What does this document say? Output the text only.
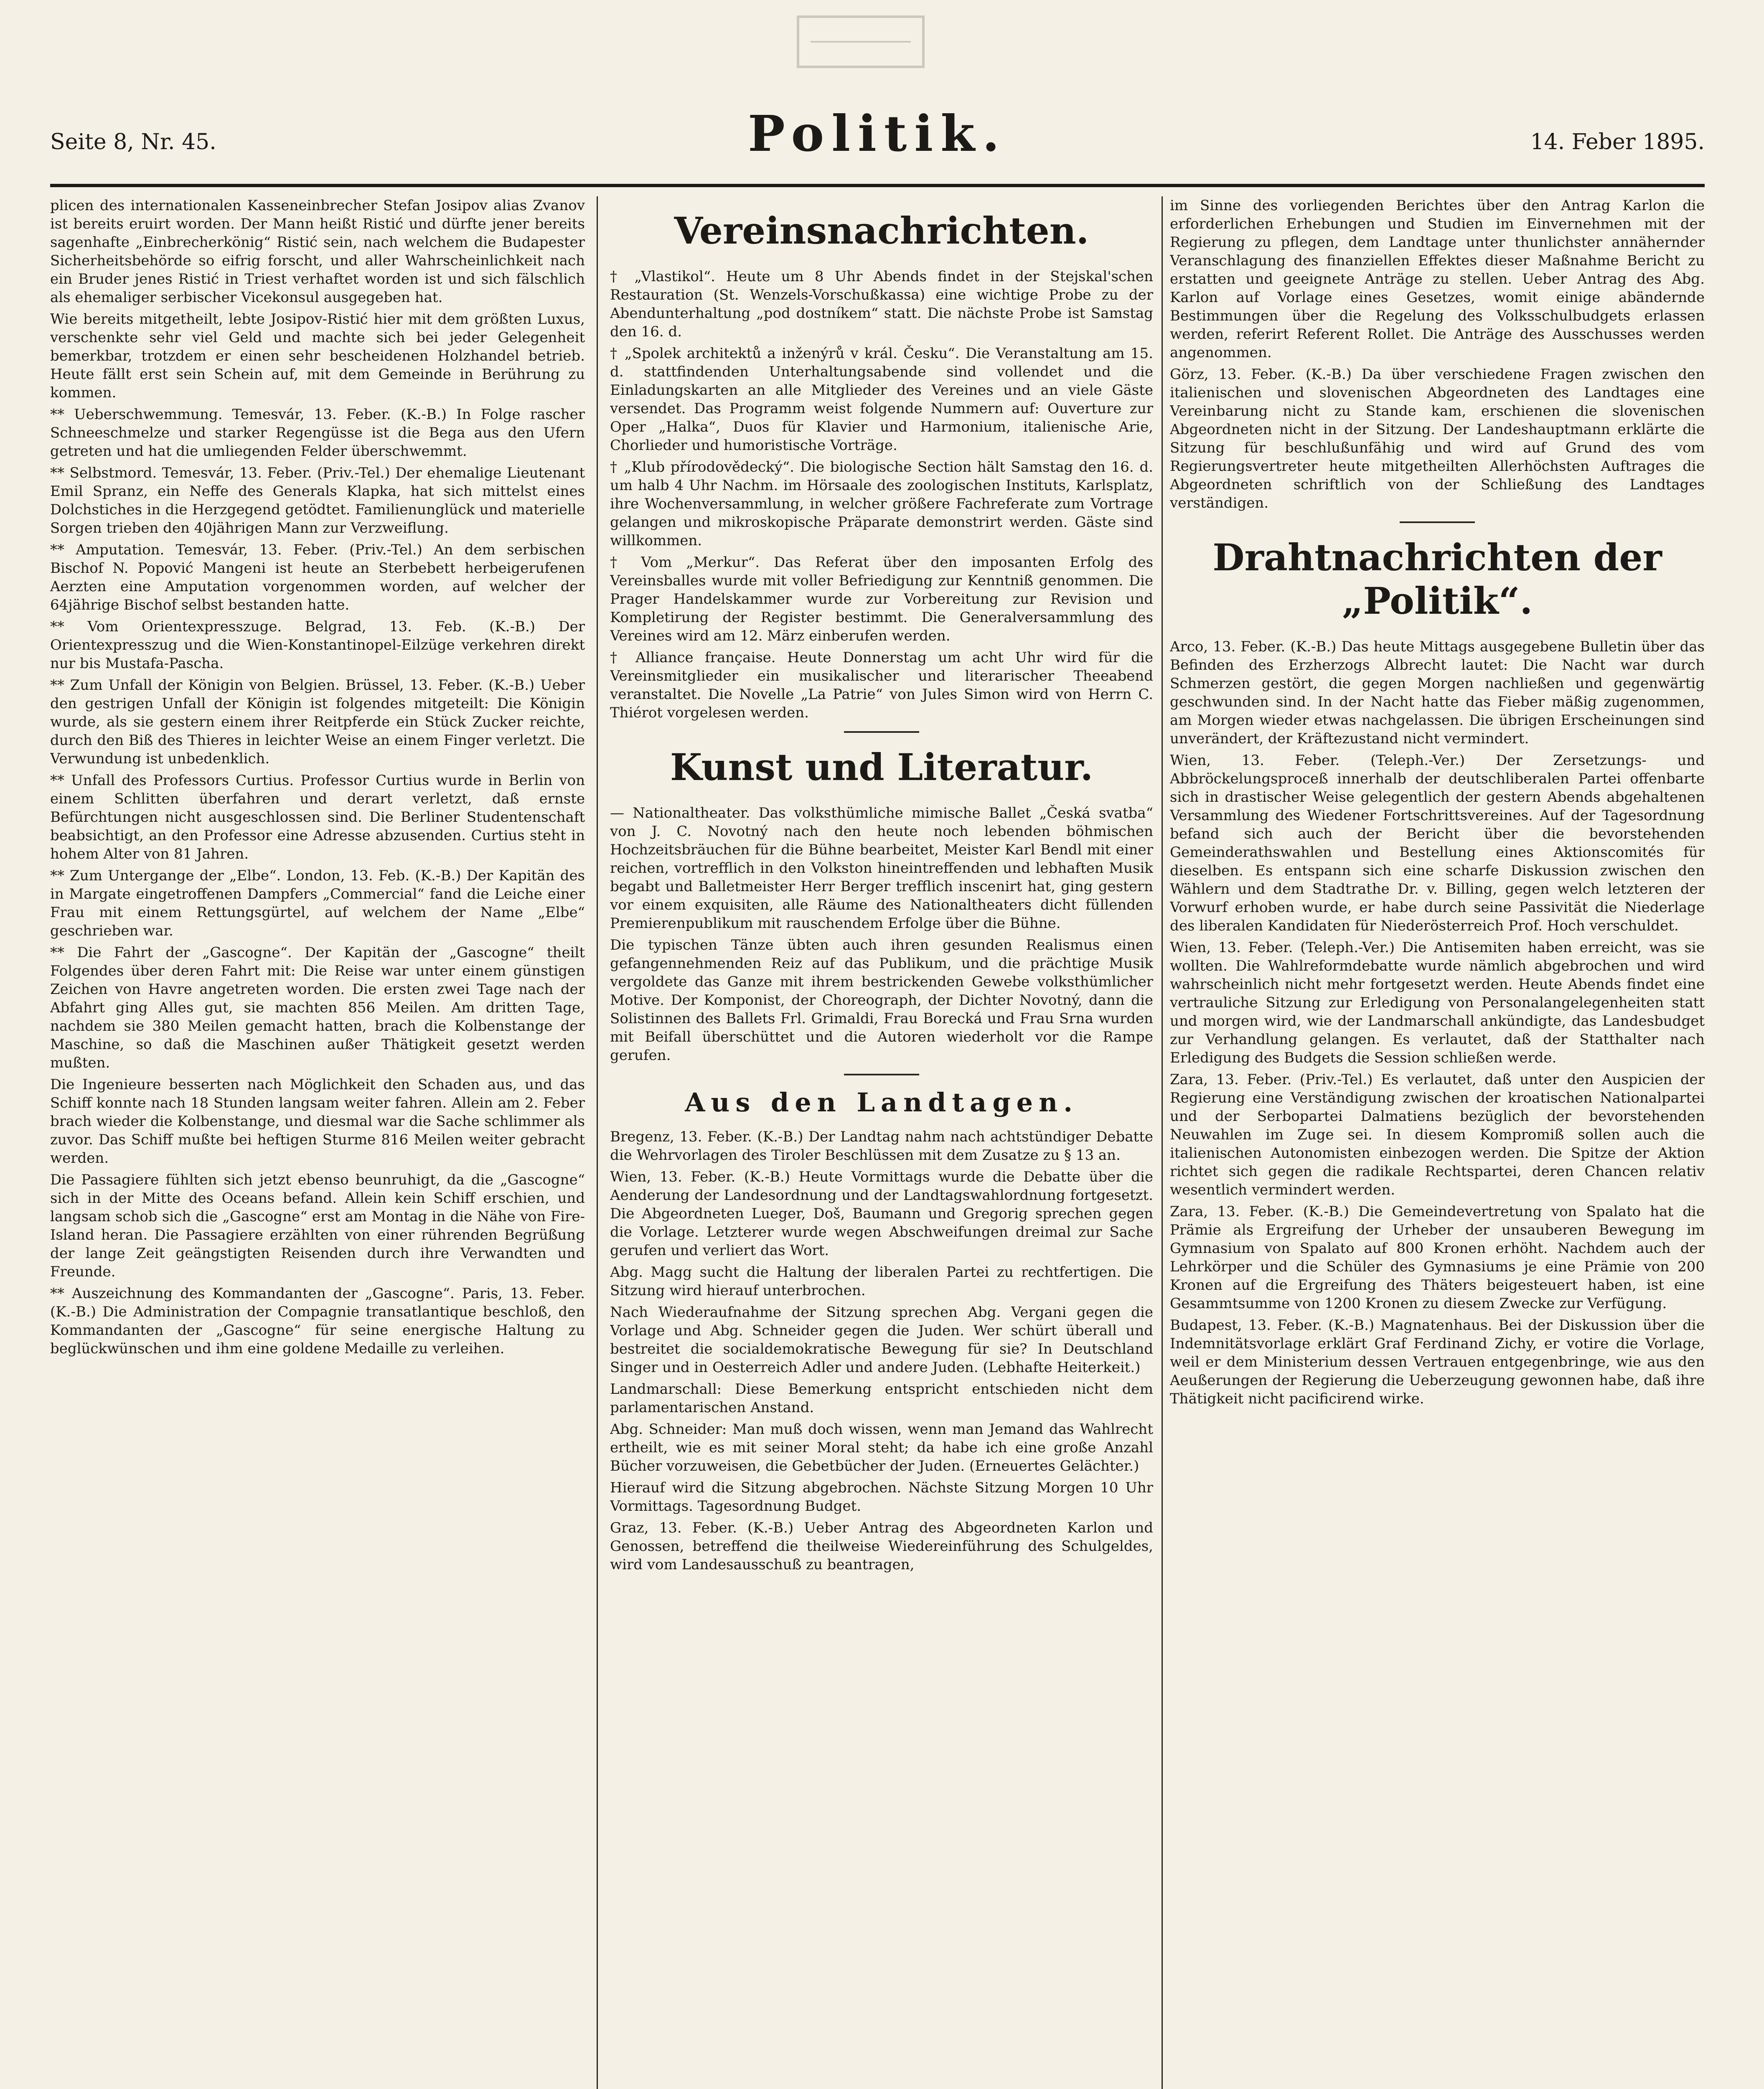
Seite 8, Nr. 45.	Politik.	14. Feber 1895.

plicen des internationalen Kasseneinbrecher Stefan Josipov alias Zvanov ist bereits eruirt worden. Der Mann heißt Ristić und dürfte jener bereits sagenhafte „Einbrecherkönig“ Ristić sein, nach welchem die Budapester Sicherheitsbehörde so eifrig forscht, und aller Wahrscheinlichkeit nach ein Bruder jenes Ristić in Triest verhaftet worden ist und sich fälschlich als ehemaliger serbischer Vicekonsul ausgegeben hat.

Wie bereits mitgetheilt, lebte Josipov-Ristić hier mit dem größten Luxus, verschenkte sehr viel Geld und machte sich bei jeder Gelegenheit bemerkbar, trotzdem er einen sehr bescheidenen Holzhandel betrieb. Heute fällt erst sein Schein auf, mit dem Gemeinde in Berührung zu kommen.

** Ueberschwemmung. Temesvár, 13. Feber. (K.-B.) In Folge rascher Schneeschmelze und starker Regengüsse ist die Bega aus den Ufern getreten und hat die umliegenden Felder überschwemmt.

** Selbstmord. Temesvár, 13. Feber. (Priv.-Tel.) Der ehemalige Lieutenant Emil Spranz, ein Neffe des Generals Klapka, hat sich mittelst eines Dolchstiches in die Herzgegend getödtet. Familienunglück und materielle Sorgen trieben den 40jährigen Mann zur Verzweiflung.

** Amputation. Temesvár, 13. Feber. (Priv.-Tel.) An dem serbischen Bischof N. Popović Mangeni ist heute an Sterbebett herbeigerufenen Aerzten eine Amputation vorgenommen worden, auf welcher der 64jährige Bischof selbst bestanden hatte.

** Vom Orientexpresszuge. Belgrad, 13. Feb. (K.-B.) Der Orientexpresszug und die Wien-Konstantinopel-Eilzüge verkehren direkt nur bis Mustafa-Pascha.

** Zum Unfall der Königin von Belgien. Brüssel, 13. Feber. (K.-B.) Ueber den gestrigen Unfall der Königin ist folgendes mitgeteilt: Die Königin wurde, als sie gestern einem ihrer Reitpferde ein Stück Zucker reichte, durch den Biß des Thieres in leichter Weise an einem Finger verletzt. Die Verwundung ist unbedenklich.

** Unfall des Professors Curtius. Professor Curtius wurde in Berlin von einem Schlitten überfahren und derart verletzt, daß ernste Befürchtungen nicht ausgeschlossen sind. Die Berliner Studentenschaft beabsichtigt, an den Professor eine Adresse abzusenden. Curtius steht in hohem Alter von 81 Jahren.

** Zum Untergange der „Elbe“. London, 13. Feb. (K.-B.) Der Kapitän des in Margate eingetroffenen Dampfers „Commercial“ fand die Leiche einer Frau mit einem Rettungsgürtel, auf welchem der Name „Elbe“ geschrieben war.

** Die Fahrt der „Gascogne“. Der Kapitän der „Gascogne“ theilt Folgendes über deren Fahrt mit: Die Reise war unter einem günstigen Zeichen von Havre angetreten worden. Die ersten zwei Tage nach der Abfahrt ging Alles gut, sie machten 856 Meilen. Am dritten Tage, nachdem sie 380 Meilen gemacht hatten, brach die Kolbenstange der Maschine, so daß die Maschinen außer Thätigkeit gesetzt werden mußten.

Die Ingenieure besserten nach Möglichkeit den Schaden aus, und das Schiff konnte nach 18 Stunden langsam weiter fahren. Allein am 2. Feber brach wieder die Kolbenstange, und diesmal war die Sache schlimmer als zuvor. Das Schiff mußte bei heftigen Sturme 816 Meilen weiter gebracht werden.

Die Passagiere fühlten sich jetzt ebenso beunruhigt, da die „Gascogne“ sich in der Mitte des Oceans befand. Allein kein Schiff erschien, und langsam schob sich die „Gascogne“ erst am Montag in die Nähe von Fire-Island heran. Die Passagiere erzählten von einer rührenden Begrüßung der lange Zeit geängstigten Reisenden durch ihre Verwandten und Freunde.

** Auszeichnung des Kommandanten der „Gascogne“. Paris, 13. Feber. (K.-B.) Die Administration der Compagnie transatlantique beschloß, den Kommandanten der „Gascogne“ für seine energische Haltung zu beglückwünschen und ihm eine goldene Medaille zu verleihen.

Vereinsnachrichten.

† „Vlastikol“. Heute um 8 Uhr Abends findet in der Stejskal'schen Restauration (St. Wenzels-Vorschußkassa) eine wichtige Probe zu der Abendunterhaltung „pod dostníkem“ statt. Die nächste Probe ist Samstag den 16. d.

† „Spolek architektů a inženýrů v král. Česku“. Die Veranstaltung am 15. d. stattfindenden Unterhaltungsabende sind vollendet und die Einladungskarten an alle Mitglieder des Vereines und an viele Gäste versendet. Das Programm weist folgende Nummern auf: Ouverture zur Oper „Halka“, Duos für Klavier und Harmonium, italienische Arie, Chorlieder und humoristische Vorträge.

† „Klub přírodovědecký“. Die biologische Section hält Samstag den 16. d. um halb 4 Uhr Nachm. im Hörsaale des zoologischen Instituts, Karlsplatz, ihre Wochenversammlung, in welcher größere Fachreferate zum Vortrage gelangen und mikroskopische Präparate demonstrirt werden. Gäste sind willkommen.

† Vom „Merkur“. Das Referat über den imposanten Erfolg des Vereinsballes wurde mit voller Befriedigung zur Kenntniß genommen. Die Prager Handelskammer wurde zur Vorbereitung zur Revision und Kompletirung der Register bestimmt. Die Generalversammlung des Vereines wird am 12. März einberufen werden.

† Alliance française. Heute Donnerstag um acht Uhr wird für die Vereinsmitglieder ein musikalischer und literarischer Theeabend veranstaltet. Die Novelle „La Patrie“ von Jules Simon wird von Herrn C. Thiérot vorgelesen werden.

Kunst und Literatur.

— Nationaltheater. Das volksthümliche mimische Ballet „Česká svatba“ von J. C. Novotný nach den heute noch lebenden böhmischen Hochzeitsbräuchen für die Bühne bearbeitet, Meister Karl Bendl mit einer reichen, vortrefflich in den Volkston hineintreffenden und lebhaften Musik begabt und Balletmeister Herr Berger trefflich inscenirt hat, ging gestern vor einem exquisiten, alle Räume des Nationaltheaters dicht füllenden Premierenpublikum mit rauschendem Erfolge über die Bühne.

Die typischen Tänze übten auch ihren gesunden Realismus einen gefangennehmenden Reiz auf das Publikum, und die prächtige Musik vergoldete das Ganze mit ihrem bestrickenden Gewebe volksthümlicher Motive. Der Komponist, der Choreograph, der Dichter Novotný, dann die Solistinnen des Ballets Frl. Grimaldi, Frau Borecká und Frau Srna wurden mit Beifall überschüttet und die Autoren wiederholt vor die Rampe gerufen.

Aus den Landtagen.

Bregenz, 13. Feber. (K.-B.) Der Landtag nahm nach achtstündiger Debatte die Wehrvorlagen des Tiroler Beschlüssen mit dem Zusatze zu § 13 an.

Wien, 13. Feber. (K.-B.) Heute Vormittags wurde die Debatte über die Aenderung der Landesordnung und der Landtagswahlordnung fortgesetzt. Die Abgeordneten Lueger, Doš, Baumann und Gregorig sprechen gegen die Vorlage. Letzterer wurde wegen Abschweifungen dreimal zur Sache gerufen und verliert das Wort.

Abg. Magg sucht die Haltung der liberalen Partei zu rechtfertigen. Die Sitzung wird hierauf unterbrochen.

Nach Wiederaufnahme der Sitzung sprechen Abg. Vergani gegen die Vorlage und Abg. Schneider gegen die Juden. Wer schürt überall und bestreitet die socialdemokratische Bewegung für sie? In Deutschland Singer und in Oesterreich Adler und andere Juden. (Lebhafte Heiterkeit.)

Landmarschall: Diese Bemerkung entspricht entschieden nicht dem parlamentarischen Anstand.

Abg. Schneider: Man muß doch wissen, wenn man Jemand das Wahlrecht ertheilt, wie es mit seiner Moral steht; da habe ich eine große Anzahl Bücher vorzuweisen, die Gebetbücher der Juden. (Erneuertes Gelächter.)

Hierauf wird die Sitzung abgebrochen. Nächste Sitzung Morgen 10 Uhr Vormittags. Tagesordnung Budget.

Graz, 13. Feber. (K.-B.) Ueber Antrag des Abgeordneten Karlon und Genossen, betreffend die theilweise Wiedereinführung des Schulgeldes, wird vom Landesausschuß zu beantragen,

im Sinne des vorliegenden Berichtes über den Antrag Karlon die erforderlichen Erhebungen und Studien im Einvernehmen mit der Regierung zu pflegen, dem Landtage unter thunlichster annähernder Veranschlagung des finanziellen Effektes dieser Maßnahme Bericht zu erstatten und geeignete Anträge zu stellen. Ueber Antrag des Abg. Karlon auf Vorlage eines Gesetzes, womit einige abändernde Bestimmungen über die Regelung des Volksschulbudgets erlassen werden, referirt Referent Rollet. Die Anträge des Ausschusses werden angenommen.

Görz, 13. Feber. (K.-B.) Da über verschiedene Fragen zwischen den italienischen und slovenischen Abgeordneten des Landtages eine Vereinbarung nicht zu Stande kam, erschienen die slovenischen Abgeordneten nicht in der Sitzung. Der Landeshauptmann erklärte die Sitzung für beschlußunfähig und wird auf Grund des vom Regierungsvertreter heute mitgetheilten Allerhöchsten Auftrages die Abgeordneten schriftlich von der Schließung des Landtages verständigen.

Drahtnachrichten der „Politik“.

Arco, 13. Feber. (K.-B.) Das heute Mittags ausgegebene Bulletin über das Befinden des Erzherzogs Albrecht lautet: Die Nacht war durch Schmerzen gestört, die gegen Morgen nachließen und gegenwärtig geschwunden sind. In der Nacht hatte das Fieber mäßig zugenommen, am Morgen wieder etwas nachgelassen. Die übrigen Erscheinungen sind unverändert, der Kräftezustand nicht vermindert.

Wien, 13. Feber. (Teleph.-Ver.) Der Zersetzungs- und Abbröckelungsproceß innerhalb der deutschliberalen Partei offenbarte sich in drastischer Weise gelegentlich der gestern Abends abgehaltenen Versammlung des Wiedener Fortschrittsvereines. Auf der Tagesordnung befand sich auch der Bericht über die bevorstehenden Gemeinderathswahlen und Bestellung eines Aktionscomités für dieselben. Es entspann sich eine scharfe Diskussion zwischen den Wählern und dem Stadtrathe Dr. v. Billing, gegen welch letzteren der Vorwurf erhoben wurde, er habe durch seine Passivität die Niederlage des liberalen Kandidaten für Niederösterreich Prof. Hoch verschuldet.

Wien, 13. Feber. (Teleph.-Ver.) Die Antisemiten haben erreicht, was sie wollten. Die Wahlreformdebatte wurde nämlich abgebrochen und wird wahrscheinlich nicht mehr fortgesetzt werden. Heute Abends findet eine vertrauliche Sitzung zur Erledigung von Personalangelegenheiten statt und morgen wird, wie der Landmarschall ankündigte, das Landesbudget zur Verhandlung gelangen. Es verlautet, daß der Statthalter nach Erledigung des Budgets die Session schließen werde.

Zara, 13. Feber. (Priv.-Tel.) Es verlautet, daß unter den Auspicien der Regierung eine Verständigung zwischen der kroatischen Nationalpartei und der Serbopartei Dalmatiens bezüglich der bevorstehenden Neuwahlen im Zuge sei. In diesem Kompromiß sollen auch die italienischen Autonomisten einbezogen werden. Die Spitze der Aktion richtet sich gegen die radikale Rechtspartei, deren Chancen relativ wesentlich vermindert werden.

Zara, 13. Feber. (K.-B.) Die Gemeindevertretung von Spalato hat die Prämie als Ergreifung der Urheber der unsauberen Bewegung im Gymnasium von Spalato auf 800 Kronen erhöht. Nachdem auch der Lehrkörper und die Schüler des Gymnasiums je eine Prämie von 200 Kronen auf die Ergreifung des Thäters beigesteuert haben, ist eine Gesammtsumme von 1200 Kronen zu diesem Zwecke zur Verfügung.

Budapest, 13. Feber. (K.-B.) Magnatenhaus. Bei der Diskussion über die Indemnitätsvorlage erklärt Graf Ferdinand Zichy, er votire die Vorlage, weil er dem Ministerium dessen Vertrauen entgegenbringe, wie aus den Aeußerungen der Regierung die Ueberzeugung gewonnen habe, daß ihre Thätigkeit nicht pacificirend wirke.
